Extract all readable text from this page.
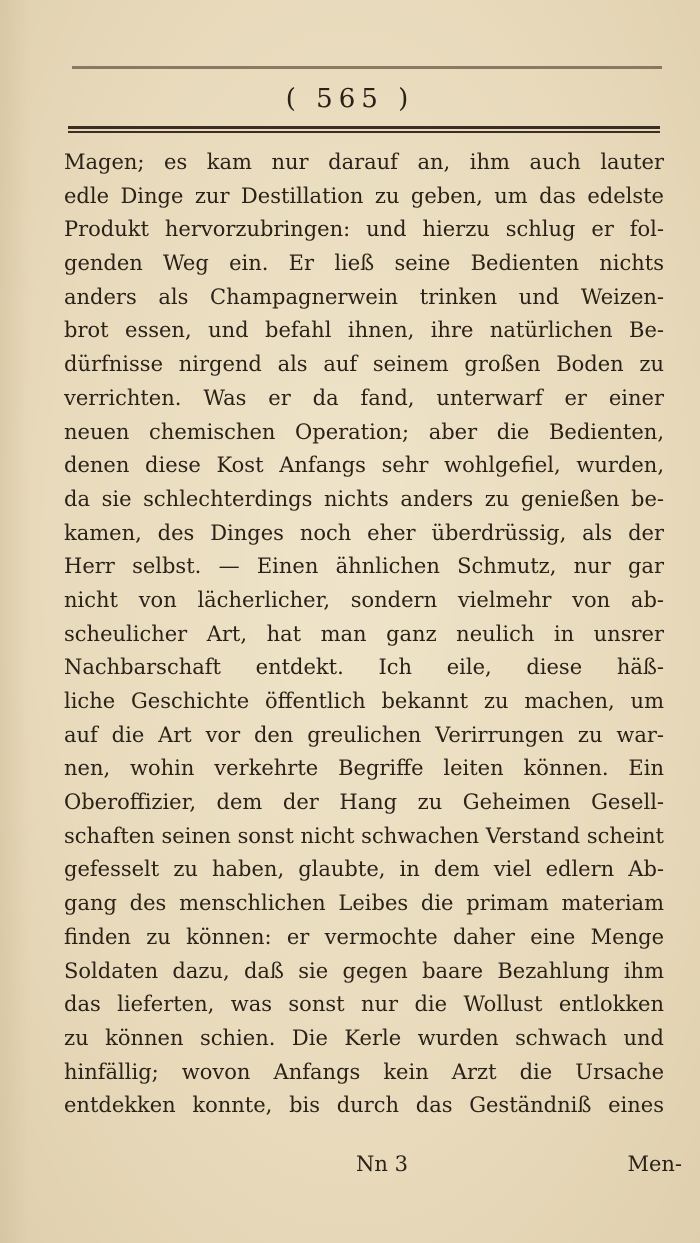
( 565 )
Magen; es kam nur darauf an, ihm auch lauter
edle Dinge zur Destillation zu geben, um das edelste
Produkt hervorzubringen: und hierzu schlug er fol-
genden Weg ein. Er ließ seine Bedienten nichts
anders als Champagnerwein trinken und Weizen-
brot essen, und befahl ihnen, ihre natürlichen Be-
dürfnisse nirgend als auf seinem großen Boden zu
verrichten. Was er da fand, unterwarf er einer
neuen chemischen Operation; aber die Bedienten,
denen diese Kost Anfangs sehr wohlgefiel, wurden,
da sie schlechterdings nichts anders zu genießen be-
kamen, des Dinges noch eher überdrüssig, als der
Herr selbst. — Einen ähnlichen Schmutz, nur gar
nicht von lächerlicher, sondern vielmehr von ab-
scheulicher Art, hat man ganz neulich in unsrer
Nachbarschaft entdekt. Ich eile, diese häß-
liche Geschichte öffentlich bekannt zu machen, um
auf die Art vor den greulichen Verirrungen zu war-
nen, wohin verkehrte Begriffe leiten können. Ein
Oberoffizier, dem der Hang zu Geheimen Gesell-
schaften seinen sonst nicht schwachen Verstand scheint
gefesselt zu haben, glaubte, in dem viel edlern Ab-
gang des menschlichen Leibes die primam materiam
finden zu können: er vermochte daher eine Menge
Soldaten dazu, daß sie gegen baare Bezahlung ihm
das lieferten, was sonst nur die Wollust entlokken
zu können schien. Die Kerle wurden schwach und
hinfällig; wovon Anfangs kein Arzt die Ursache
entdekken konnte, bis durch das Geständniß eines
Nn 3	Men-
